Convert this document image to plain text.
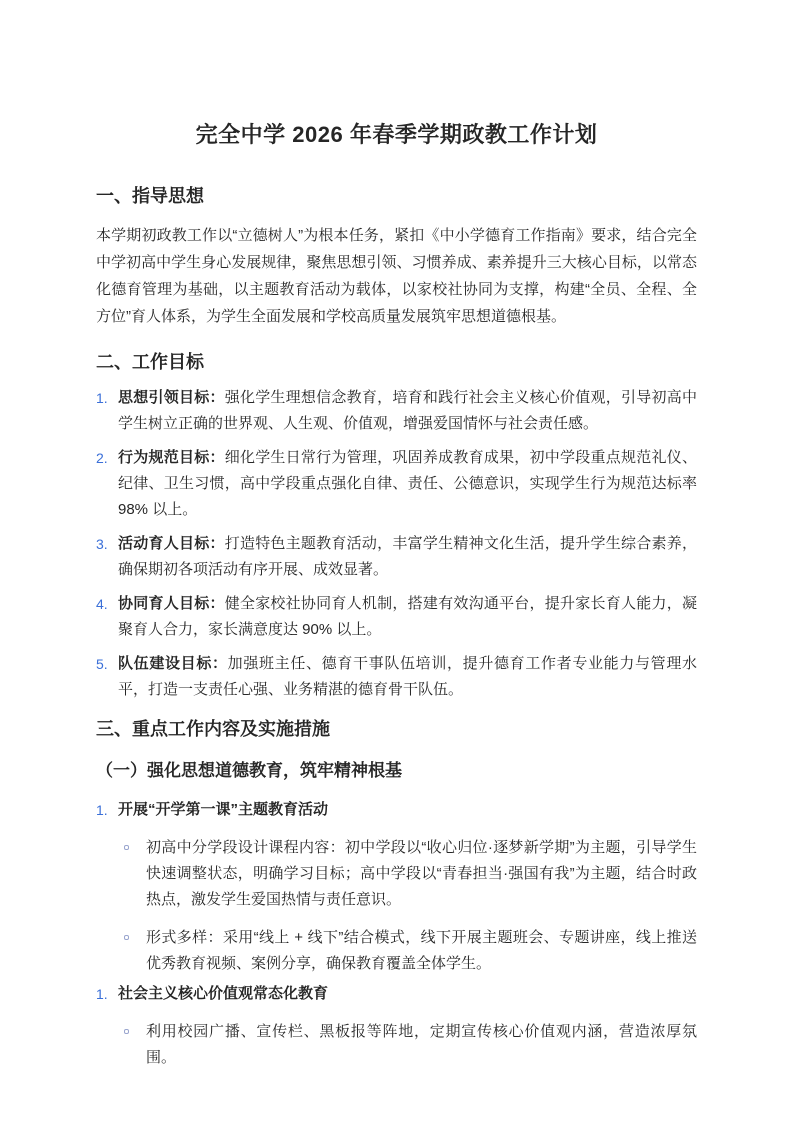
完全中学 2026 年春季学期政教工作计划
一、指导思想

本学期初政教工作以“立德树人”为根本任务，紧扣《中小学德育工作指南》要求，结合完全中学初高中学生身心发展规律，聚焦思想引领、习惯养成、素养提升三大核心目标，以常态化德育管理为基础，以主题教育活动为载体，以家校社协同为支撑，构建“全员、全程、全方位”育人体系，为学生全面发展和学校高质量发展筑牢思想道德根基。

二、工作目标
1. 思想引领目标：强化学生理想信念教育，培育和践行社会主义核心价值观，引导初高中学生树立正确的世界观、人生观、价值观，增强爱国情怀与社会责任感。
2. 行为规范目标：细化学生日常行为管理，巩固养成教育成果，初中学段重点规范礼仪、纪律、卫生习惯，高中学段重点强化自律、责任、公德意识，实现学生行为规范达标率 98% 以上。
3. 活动育人目标：打造特色主题教育活动，丰富学生精神文化生活，提升学生综合素养，确保期初各项活动有序开展、成效显著。
4. 协同育人目标：健全家校社协同育人机制，搭建有效沟通平台，提升家长育人能力，凝聚育人合力，家长满意度达 90% 以上。
5. 队伍建设目标：加强班主任、德育干事队伍培训，提升德育工作者专业能力与管理水平，打造一支责任心强、业务精湛的德育骨干队伍。
三、重点工作内容及实施措施
（一）强化思想道德教育，筑牢精神根基
1. 开展“开学第一课”主题教育活动
初高中分学段设计课程内容：初中学段以“收心归位·逐梦新学期”为主题，引导学生快速调整状态，明确学习目标；高中学段以“青春担当·强国有我”为主题，结合时政热点，激发学生爱国热情与责任意识。
形式多样：采用“线上 + 线下”结合模式，线下开展主题班会、专题讲座，线上推送优秀教育视频、案例分享，确保教育覆盖全体学生。
1. 社会主义核心价值观常态化教育
利用校园广播、宣传栏、黑板报等阵地，定期宣传核心价值观内涵，营造浓厚氛围。
